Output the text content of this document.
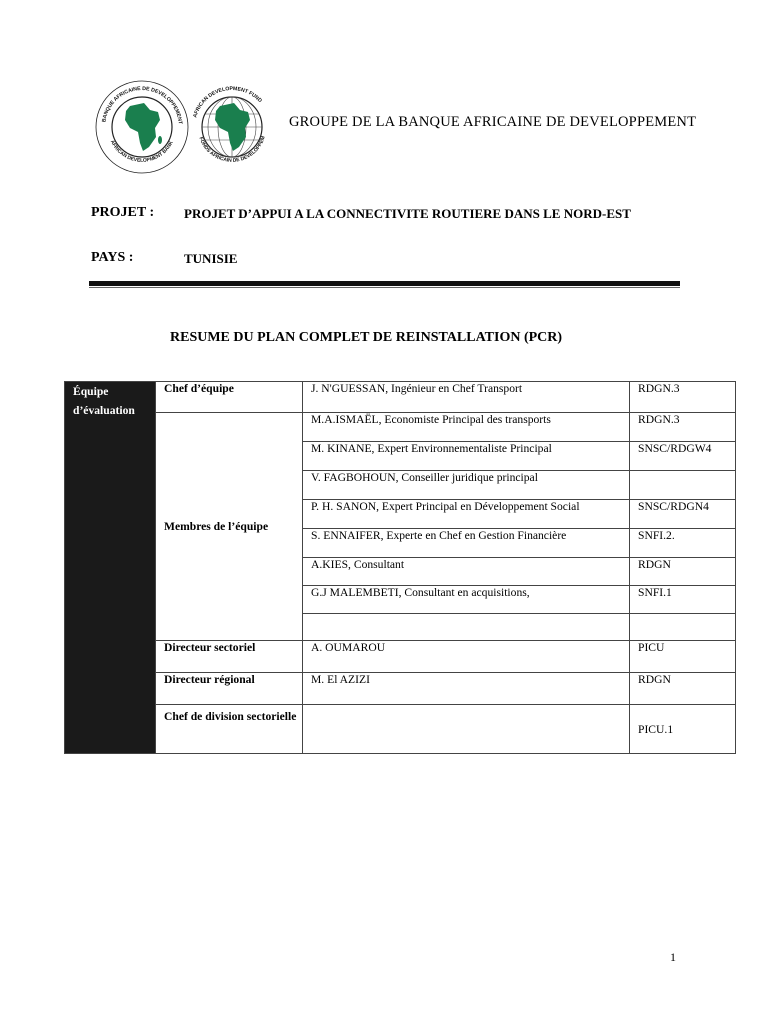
BANQUE AFRICAINE DE DEVELOPPEMENT
AFRICAN DEVELOPMENT BANK
AFRICAN DEVELOPMENT FUND
FONDS AFRICAIN DE DEVELOPPEM
GROUPE DE LA BANQUE AFRICAINE DE DEVELOPPEMENT
PROJET : PROJET D’APPUI A LA CONNECTIVITE ROUTIERE DANS LE NORD-EST
PAYS :	TUNISIE
RESUME DU PLAN COMPLET DE REINSTALLATION (PCR)
Équipe d’évaluation	Chef d’équipe	J. N'GUESSAN, Ingénieur en Chef Transport	RDGN.3
	Membres de l’équipe	M.A.ISMAËL, Economiste Principal des transports	RDGN.3
		M. KINANE, Expert Environnementaliste Principal	SNSC/RDGW4
		V. FAGBOHOUN, Conseiller juridique principal	
		P. H. SANON, Expert Principal en Développement Social	SNSC/RDGN4
		S. ENNAIFER, Experte en Chef en Gestion Financière	SNFI.2.
		A.KIES, Consultant	RDGN
		G.J MALEMBETI, Consultant en acquisitions,	SNFI.1

	Directeur sectoriel	A. OUMAROU	PICU
	Directeur régional	M. El AZIZI	RDGN
	Chef de division sectorielle		PICU.1
1
